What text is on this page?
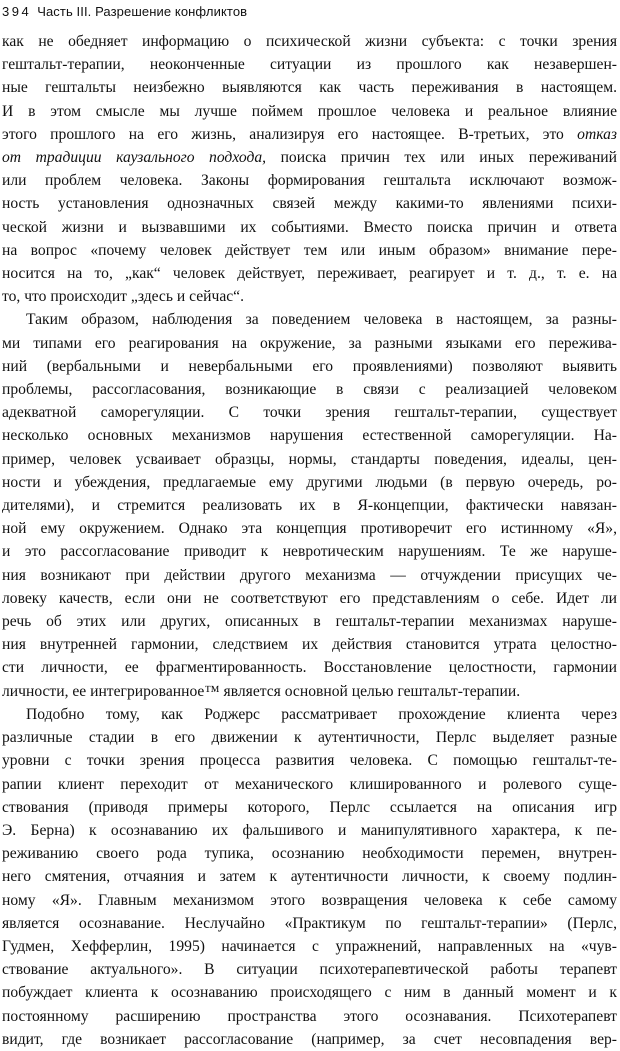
394 Часть III. Разрешение конфликтов
как не обедняет информацию о психической жизни субъекта: с точки зрения
гештальт-терапии, неоконченные ситуации из прошлого как незавершен-
ные гештальты неизбежно выявляются как часть переживания в настоящем.
И в этом смысле мы лучше поймем прошлое человека и реальное влияние
этого прошлого на его жизнь, анализируя его настоящее. В-третьих, это отказ
от традиции каузального подхода, поиска причин тех или иных переживаний
или проблем человека. Законы формирования гештальта исключают возмож-
ность установления однозначных связей между какими-то явлениями психи-
ческой жизни и вызвавшими их событиями. Вместо поиска причин и ответа
на вопрос «почему человек действует тем или иным образом» внимание пере-
носится на то, „как“ человек действует, переживает, реагирует и т. д., т. е. на
то, что происходит „здесь и сейчас“.
Таким образом, наблюдения за поведением человека в настоящем, за разны-
ми типами его реагирования на окружение, за разными языками его пережива-
ний (вербальными и невербальными его проявлениями) позволяют выявить
проблемы, рассогласования, возникающие в связи с реализацией человеком
адекватной саморегуляции. С точки зрения гештальт-терапии, существует
несколько основных механизмов нарушения естественной саморегуляции. На-
пример, человек усваивает образцы, нормы, стандарты поведения, идеалы, цен-
ности и убеждения, предлагаемые ему другими людьми (в первую очередь, ро-
дителями), и стремится реализовать их в Я-концепции, фактически навязан-
ной ему окружением. Однако эта концепция противоречит его истинному «Я»,
и это рассогласование приводит к невротическим нарушениям. Те же наруше-
ния возникают при действии другого механизма — отчуждении присущих че-
ловеку качеств, если они не соответствуют его представлениям о себе. Идет ли
речь об этих или других, описанных в гештальт-терапии механизмах наруше-
ния внутренней гармонии, следствием их действия становится утрата целостно-
сти личности, ее фрагментированность. Восстановление целостности, гармонии
личности, ее интегрированное™ является основной целью гештальт-терапии.
Подобно тому, как Роджерс рассматривает прохождение клиента через
различные стадии в его движении к аутентичности, Перлс выделяет разные
уровни с точки зрения процесса развития человека. С помощью гештальт-те-
рапии клиент переходит от механического клишированного и ролевого суще-
ствования (приводя примеры которого, Перлс ссылается на описания игр
Э. Берна) к осознаванию их фальшивого и манипулятивного характера, к пе-
реживанию своего рода тупика, осознанию необходимости перемен, внутрен-
него смятения, отчаяния и затем к аутентичности личности, к своему подлин-
ному «Я». Главным механизмом этого возвращения человека к себе самому
является осознавание. Неслучайно «Практикум по гештальт-терапии» (Перлс,
Гудмен, Хефферлин, 1995) начинается с упражнений, направленных на «чув-
ствование актуального». В ситуации психотерапевтической работы терапевт
побуждает клиента к осознаванию происходящего с ним в данный момент и к
постоянному расширению пространства этого осознавания. Психотерапевт
видит, где возникает рассогласование (например, за счет несовпадения вер-
